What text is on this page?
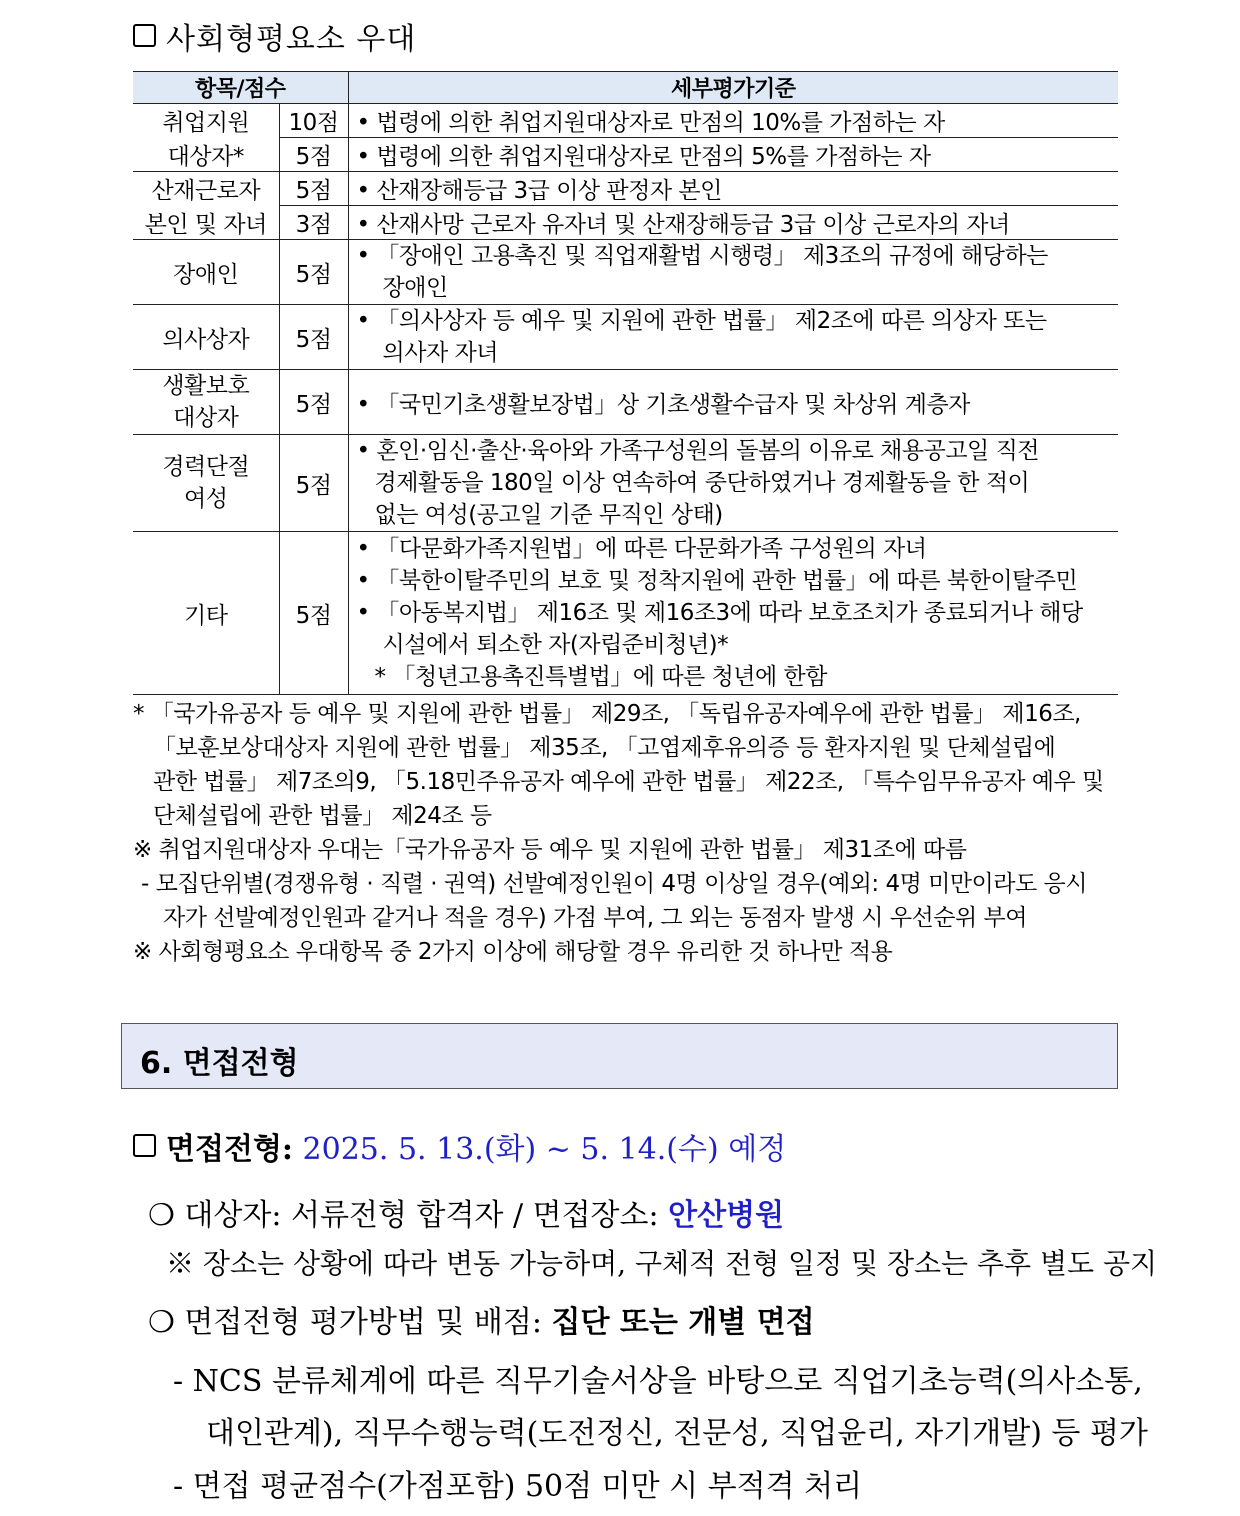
사회형평요소 우대
항목/점수		세부평가기준
취업지원	10점	• 법령에 의한 취업지원대상자로 만점의 10%를 가점하는 자
대상자*	5점	• 법령에 의한 취업지원대상자로 만점의 5%를 가점하는 자
산재근로자	5점	• 산재장해등급 3급 이상 판정자 본인
본인 및 자녀	3점	• 산재사망 근로자 유자녀 및 산재장해등급 3급 이상 근로자의 자녀
장애인	5점	• 「장애인 고용촉진 및 직업재활법 시행령」 제3조의 규정에 해당하는
장애인

의사상자	5점	• 「의사상자 등 예우 및 지원에 관한 법률」 제2조에 따른 의상자 또는
의사자 자녀

생활보호
대상자	5점	• 「국민기초생활보장법」상 기초생활수급자 및 차상위 계층자

경력단절
여성	5점	• 혼인·임신·출산·육아와 가족구성원의 돌봄의 이유로 채용공고일 직전
경제활동을 180일 이상 연속하여 중단하였거나 경제활동을 한 적이
없는 여성(공고일 기준 무직인 상태)

기타	5점	• 「다문화가족지원법」에 따른 다문화가족 구성원의 자녀
• 「북한이탈주민의 보호 및 정착지원에 관한 법률」에 따른 북한이탈주민
• 「아동복지법」 제16조 및 제16조3에 따라 보호조치가 종료되거나 해당
시설에서 퇴소한 자(자립준비청년)*
* 「청년고용촉진특별법」에 따른 청년에 한함
* 「국가유공자 등 예우 및 지원에 관한 법률」 제29조, 「독립유공자예우에 관한 법률」 제16조,
「보훈보상대상자 지원에 관한 법률」 제35조, 「고엽제후유의증 등 환자지원 및 단체설립에
관한 법률」 제7조의9, 「5.18민주유공자 예우에 관한 법률」 제22조, 「특수임무유공자 예우 및
단체설립에 관한 법률」 제24조 등
※ 취업지원대상자 우대는「국가유공자 등 예우 및 지원에 관한 법률」 제31조에 따름
- 모집단위별(경쟁유형 · 직렬 · 권역) 선발예정인원이 4명 이상일 경우(예외: 4명 미만이라도 응시
자가 선발예정인원과 같거나 적을 경우) 가점 부여, 그 외는 동점자 발생 시 우선순위 부여
※ 사회형평요소 우대항목 중 2가지 이상에 해당할 경우 유리한 것 하나만 적용
6. 면접전형
면접전형: 2025. 5. 13.(화) ~ 5. 14.(수) 예정
❍ 대상자: 서류전형 합격자 / 면접장소: 안산병원
※ 장소는 상황에 따라 변동 가능하며, 구체적 전형 일정 및 장소는 추후 별도 공지
❍ 면접전형 평가방법 및 배점: 집단 또는 개별 면접
- NCS 분류체계에 따른 직무기술서상을 바탕으로 직업기초능력(의사소통,
대인관계), 직무수행능력(도전정신, 전문성, 직업윤리, 자기개발) 등 평가
- 면접 평균점수(가점포함) 50점 미만 시 부적격 처리
